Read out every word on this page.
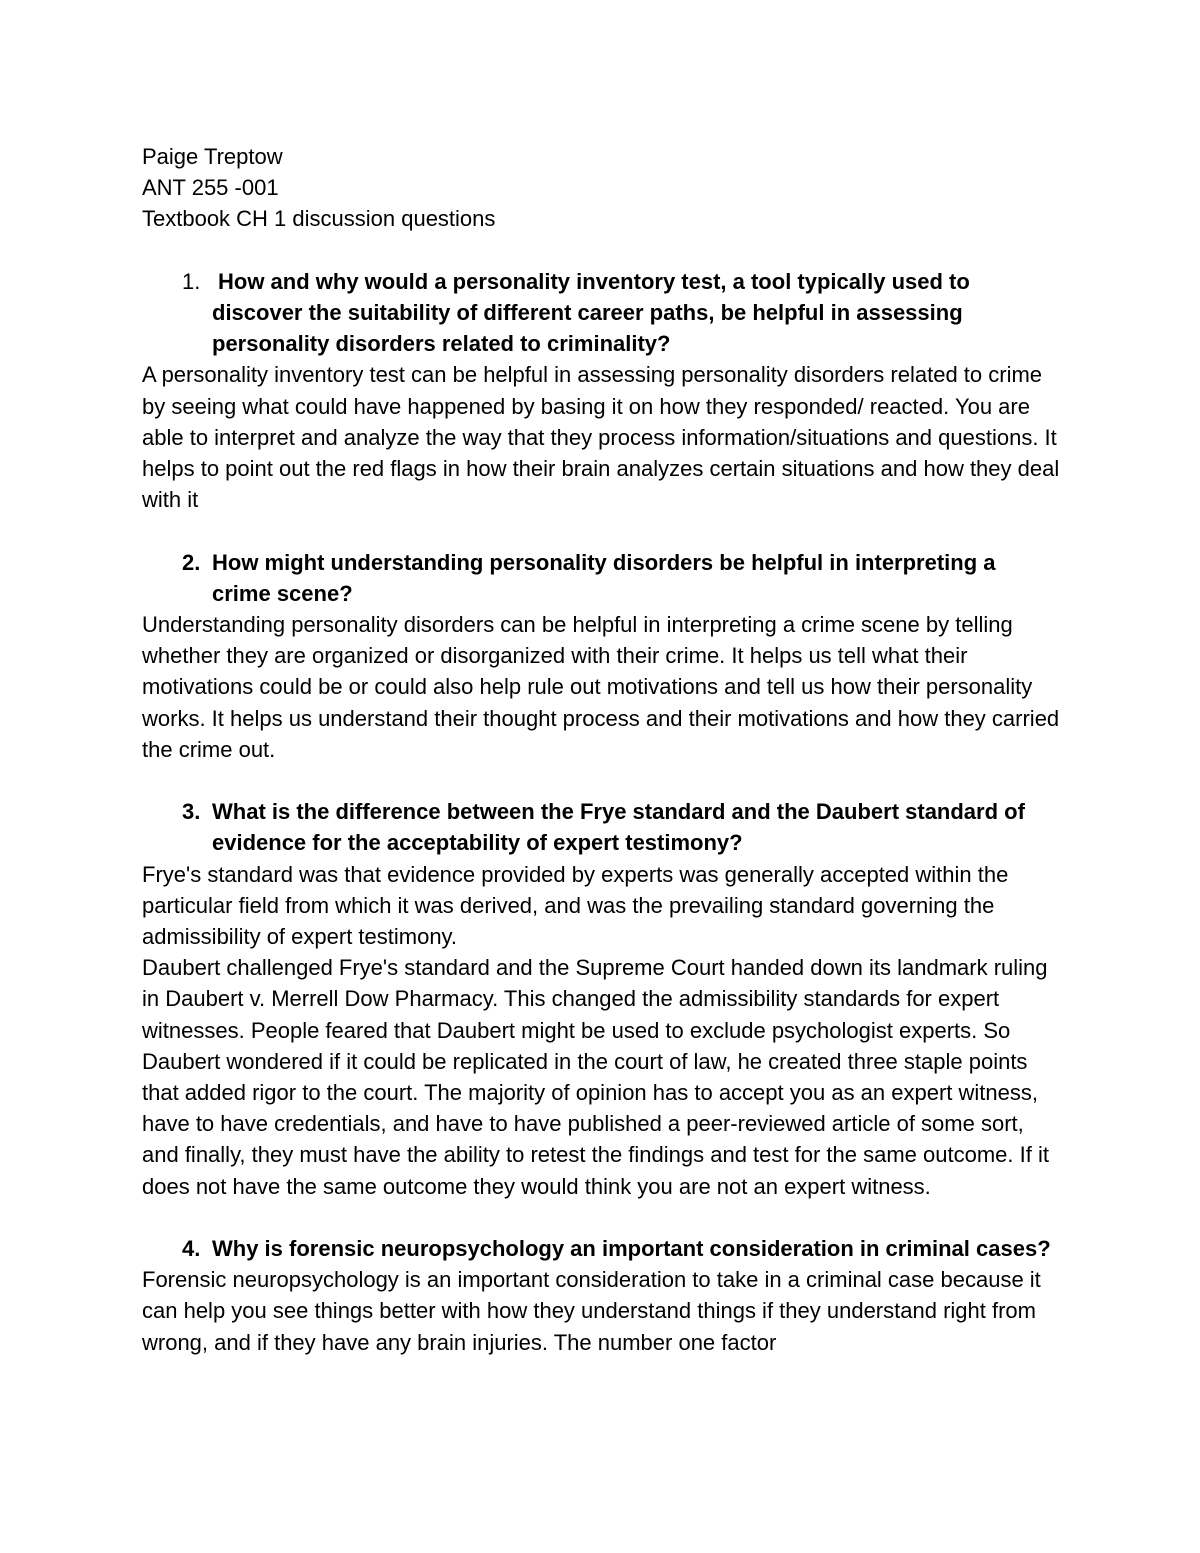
Paige Treptow
ANT 255 -001
Textbook CH 1 discussion questions
1. How and why would a personality inventory test, a tool typically used to discover the suitability of different career paths, be helpful in assessing personality disorders related to criminality?

A personality inventory test can be helpful in assessing personality disorders related to crime by seeing what could have happened by basing it on how they responded/ reacted. You are able to interpret and analyze the way that they process information/situations and questions. It helps to point out the red flags in how their brain analyzes certain situations and how they deal with it

2. How might understanding personality disorders be helpful in interpreting a crime scene?

Understanding personality disorders can be helpful in interpreting a crime scene by telling whether they are organized or disorganized with their crime. It helps us tell what their motivations could be or could also help rule out motivations and tell us how their personality works. It helps us understand their thought process and their motivations and how they carried the crime out.

3. What is the difference between the Frye standard and the Daubert standard of evidence for the acceptability of expert testimony?

Frye's standard was that evidence provided by experts was generally accepted within the particular field from which it was derived, and was the prevailing standard governing the admissibility of expert testimony.

Daubert challenged Frye's standard and the Supreme Court handed down its landmark ruling in Daubert v. Merrell Dow Pharmacy. This changed the admissibility standards for expert witnesses. People feared that Daubert might be used to exclude psychologist experts. So Daubert wondered if it could be replicated in the court of law, he created three staple points that added rigor to the court. The majority of opinion has to accept you as an expert witness, have to have credentials, and have to have published a peer-reviewed article of some sort, and finally, they must have the ability to retest the findings and test for the same outcome. If it does not have the same outcome they would think you are not an expert witness.

4. Why is forensic neuropsychology an important consideration in criminal cases?

Forensic neuropsychology is an important consideration to take in a criminal case because it can help you see things better with how they understand things if they understand right from wrong, and if they have any brain injuries. The number one factor
